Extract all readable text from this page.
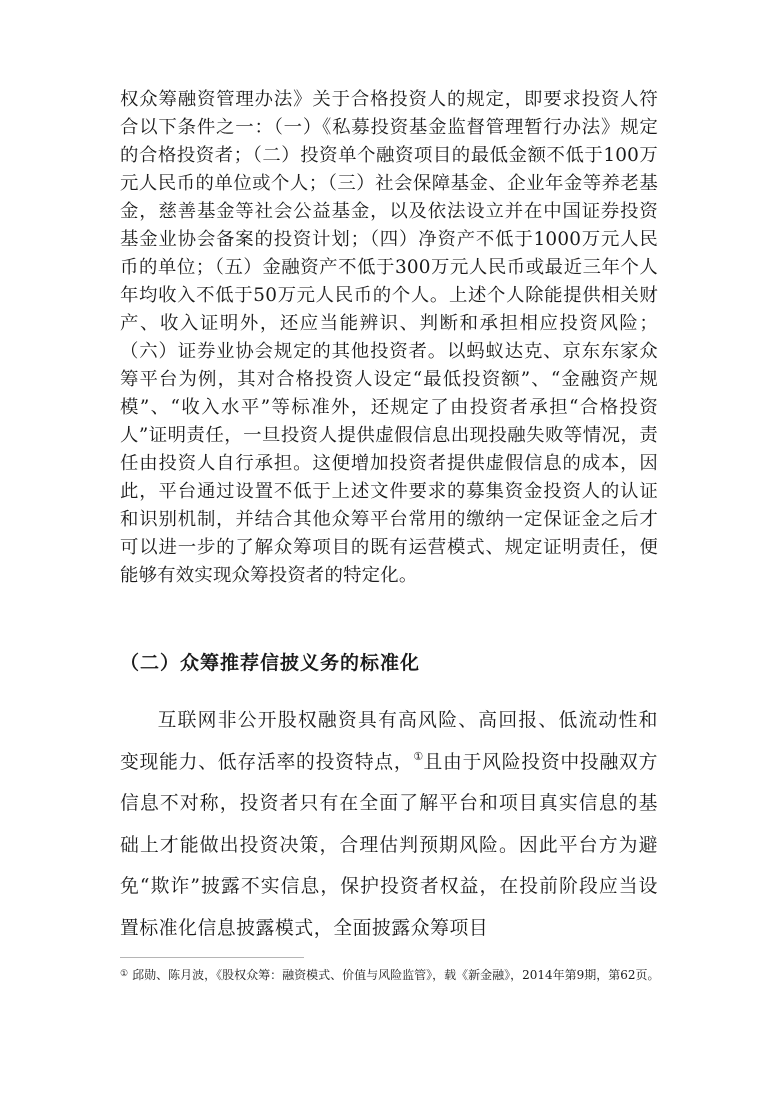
权众筹融资管理办法》关于合格投资人的规定，即要求投资人符合以下条件之一：（一）《私募投资基金监督管理暂行办法》规定的合格投资者；（二）投资单个融资项目的最低金额不低于100万元人民币的单位或个人；（三）社会保障基金、企业年金等养老基金，慈善基金等社会公益基金，以及依法设立并在中国证券投资基金业协会备案的投资计划；（四）净资产不低于1000万元人民币的单位；（五）金融资产不低于300万元人民币或最近三年个人年均收入不低于50万元人民币的个人。上述个人除能提供相关财产、收入证明外，还应当能辨识、判断和承担相应投资风险；（六）证券业协会规定的其他投资者。以蚂蚁达克、京东东家众筹平台为例，其对合格投资人设定“最低投资额”、“金融资产规模”、“收入水平”等标准外，还规定了由投资者承担“合格投资人”证明责任，一旦投资人提供虚假信息出现投融失败等情况，责任由投资人自行承担。这便增加投资者提供虚假信息的成本，因此，平台通过设置不低于上述文件要求的募集资金投资人的认证和识别机制，并结合其他众筹平台常用的缴纳一定保证金之后才可以进一步的了解众筹项目的既有运营模式、规定证明责任，便能够有效实现众筹投资者的特定化。

（二）众筹推荐信披义务的标准化

互联网非公开股权融资具有高风险、高回报、低流动性和变现能力、低存活率的投资特点，①且由于风险投资中投融双方信息不对称，投资者只有在全面了解平台和项目真实信息的基础上才能做出投资决策，合理估判预期风险。因此平台方为避免“欺诈”披露不实信息，保护投资者权益，在投前阶段应当设置标准化信息披露模式，全面披露众筹项目

① 邱勋、陈月波，《股权众筹：融资模式、价值与风险监管》，载《新金融》，2014年第9期，第62页。
